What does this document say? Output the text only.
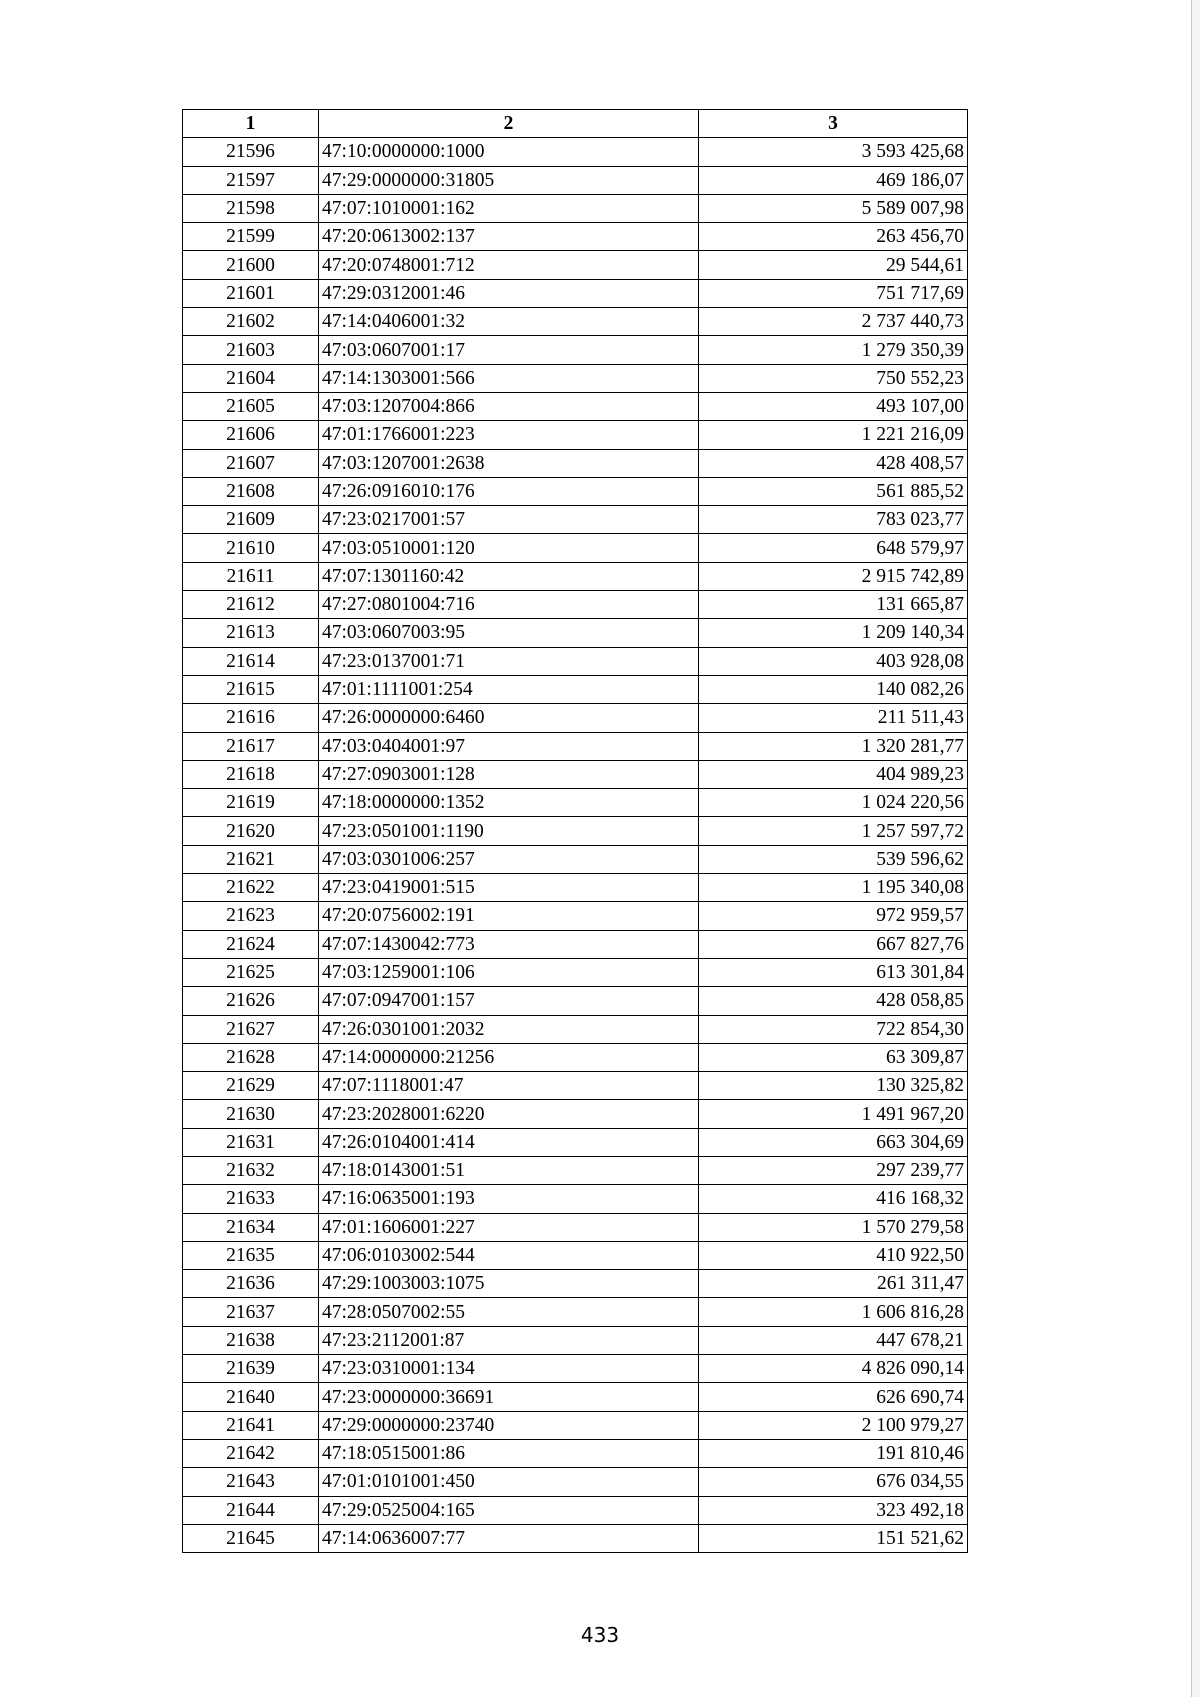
1	2	3
21596	47:10:0000000:1000	3 593 425,68
21597	47:29:0000000:31805	469 186,07
21598	47:07:1010001:162	5 589 007,98
21599	47:20:0613002:137	263 456,70
21600	47:20:0748001:712	29 544,61
21601	47:29:0312001:46	751 717,69
21602	47:14:0406001:32	2 737 440,73
21603	47:03:0607001:17	1 279 350,39
21604	47:14:1303001:566	750 552,23
21605	47:03:1207004:866	493 107,00
21606	47:01:1766001:223	1 221 216,09
21607	47:03:1207001:2638	428 408,57
21608	47:26:0916010:176	561 885,52
21609	47:23:0217001:57	783 023,77
21610	47:03:0510001:120	648 579,97
21611	47:07:1301160:42	2 915 742,89
21612	47:27:0801004:716	131 665,87
21613	47:03:0607003:95	1 209 140,34
21614	47:23:0137001:71	403 928,08
21615	47:01:1111001:254	140 082,26
21616	47:26:0000000:6460	211 511,43
21617	47:03:0404001:97	1 320 281,77
21618	47:27:0903001:128	404 989,23
21619	47:18:0000000:1352	1 024 220,56
21620	47:23:0501001:1190	1 257 597,72
21621	47:03:0301006:257	539 596,62
21622	47:23:0419001:515	1 195 340,08
21623	47:20:0756002:191	972 959,57
21624	47:07:1430042:773	667 827,76
21625	47:03:1259001:106	613 301,84
21626	47:07:0947001:157	428 058,85
21627	47:26:0301001:2032	722 854,30
21628	47:14:0000000:21256	63 309,87
21629	47:07:1118001:47	130 325,82
21630	47:23:2028001:6220	1 491 967,20
21631	47:26:0104001:414	663 304,69
21632	47:18:0143001:51	297 239,77
21633	47:16:0635001:193	416 168,32
21634	47:01:1606001:227	1 570 279,58
21635	47:06:0103002:544	410 922,50
21636	47:29:1003003:1075	261 311,47
21637	47:28:0507002:55	1 606 816,28
21638	47:23:2112001:87	447 678,21
21639	47:23:0310001:134	4 826 090,14
21640	47:23:0000000:36691	626 690,74
21641	47:29:0000000:23740	2 100 979,27
21642	47:18:0515001:86	191 810,46
21643	47:01:0101001:450	676 034,55
21644	47:29:0525004:165	323 492,18
21645	47:14:0636007:77	151 521,62
433
